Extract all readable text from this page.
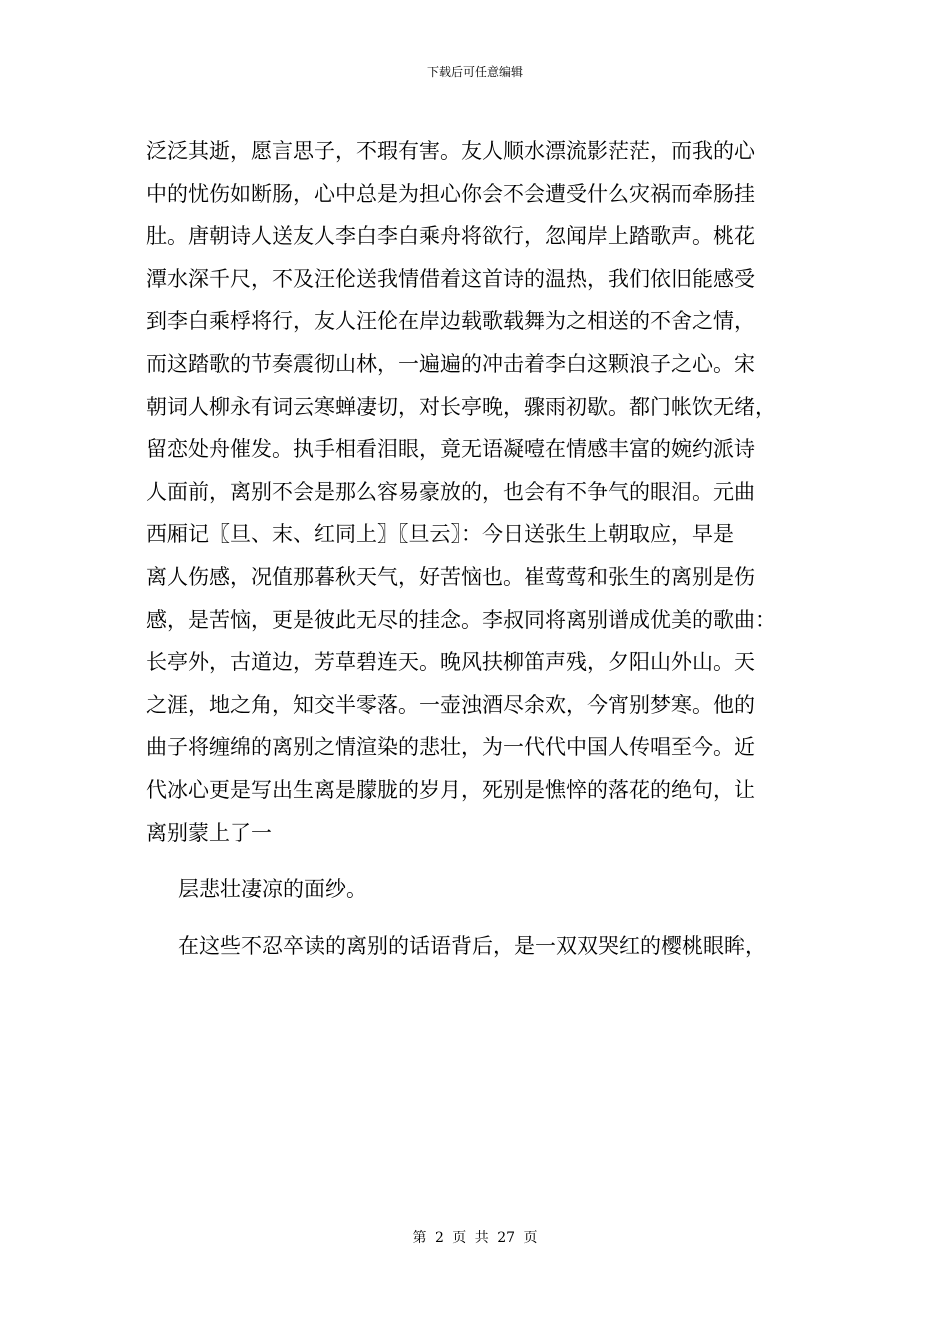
下载后可任意编辑
泛泛其逝，愿言思子，不瑕有害。友人顺水漂流影茫茫，而我的心
中的忧伤如断肠，心中总是为担心你会不会遭受什么灾祸而牵肠挂
肚。唐朝诗人送友人李白李白乘舟将欲行，忽闻岸上踏歌声。桃花
潭水深千尺，不及汪伦送我情借着这首诗的温热，我们依旧能感受
到李白乘桴将行，友人汪伦在岸边载歌载舞为之相送的不舍之情，
而这踏歌的节奏震彻山林，一遍遍的冲击着李白这颗浪子之心。宋
朝词人柳永有词云寒蝉凄切，对长亭晚，骤雨初歇。都门帐饮无绪，
留恋处舟催发。执手相看泪眼，竟无语凝噎在情感丰富的婉约派诗
人面前，离别不会是那么容易豪放的，也会有不争气的眼泪。元曲
西厢记〖旦、末、红同上〗〖旦云〗：今日送张生上朝取应，早是
离人伤感，况值那暮秋天气，好苦恼也。崔莺莺和张生的离别是伤
感，是苦恼，更是彼此无尽的挂念。李叔同将离别谱成优美的歌曲：
长亭外，古道边，芳草碧连天。晚风扶柳笛声残，夕阳山外山。天
之涯，地之角，知交半零落。一壶浊酒尽余欢，今宵别梦寒。他的
曲子将缠绵的离别之情渲染的悲壮，为一代代中国人传唱至今。近
代冰心更是写出生离是朦胧的岁月，死别是憔悴的落花的绝句，让
离别蒙上了一
层悲壮凄凉的面纱。
在这些不忍卒读的离别的话语背后，是一双双哭红的樱桃眼眸，
第 2 页 共 27 页
